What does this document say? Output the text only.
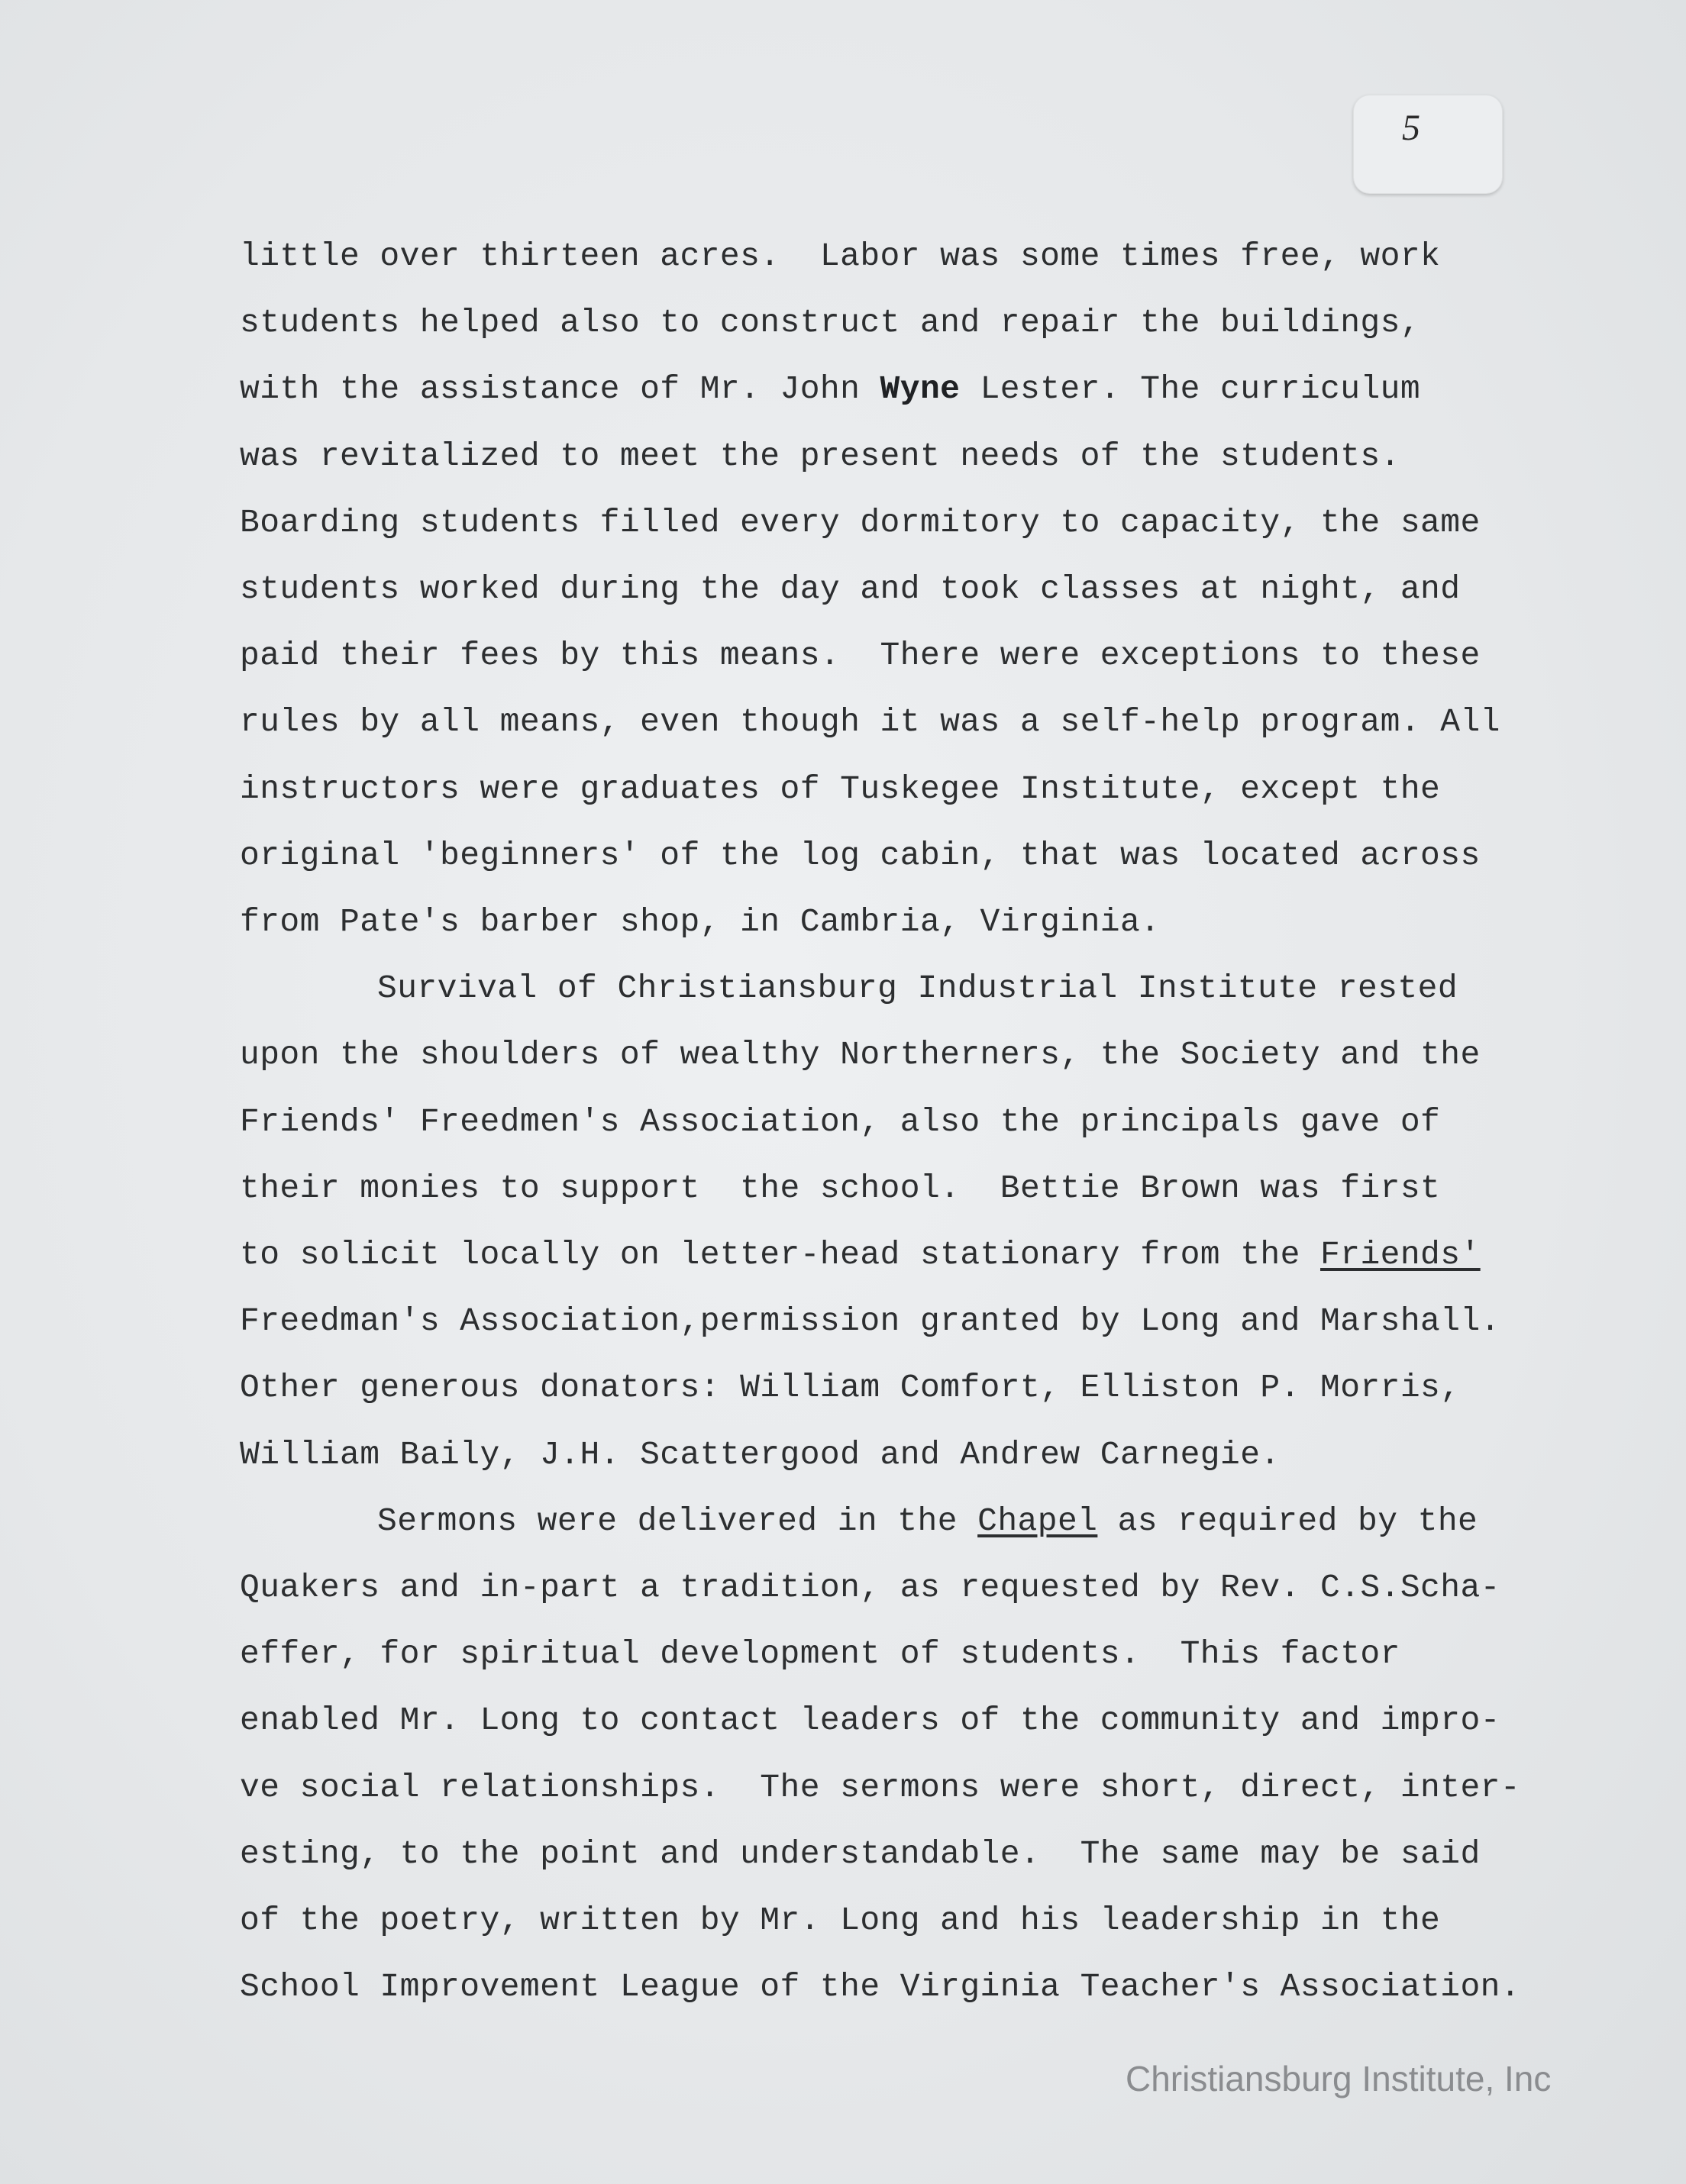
5
little over thirteen acres.  Labor was some times free, work
students helped also to construct and repair the buildings,
with the assistance of Mr. John Wyne Lester. The curriculum
was revitalized to meet the present needs of the students.
Boarding students filled every dormitory to capacity, the same
students worked during the day and took classes at night, and
paid their fees by this means.  There were exceptions to these
rules by all means, even though it was a self-help program. All
instructors were graduates of Tuskegee Institute, except the
original 'beginners' of the log cabin, that was located across
from Pate's barber shop, in Cambria, Virginia.
Survival of Christiansburg Industrial Institute rested
upon the shoulders of wealthy Northerners, the Society and the
Friends' Freedmen's Association, also the principals gave of
their monies to support  the school.  Bettie Brown was first
to solicit locally on letter-head stationary from the Friends'
Freedman's Association,permission granted by Long and Marshall.
Other generous donators: William Comfort, Elliston P. Morris,
William Baily, J.H. Scattergood and Andrew Carnegie.
Sermons were delivered in the Chapel as required by the
Quakers and in-part a tradition, as requested by Rev. C.S.Scha-
effer, for spiritual development of students.  This factor
enabled Mr. Long to contact leaders of the community and impro-
ve social relationships.  The sermons were short, direct, inter-
esting, to the point and understandable.  The same may be said
of the poetry, written by Mr. Long and his leadership in the
School Improvement League of the Virginia Teacher's Association.
Christiansburg Institute, Inc
